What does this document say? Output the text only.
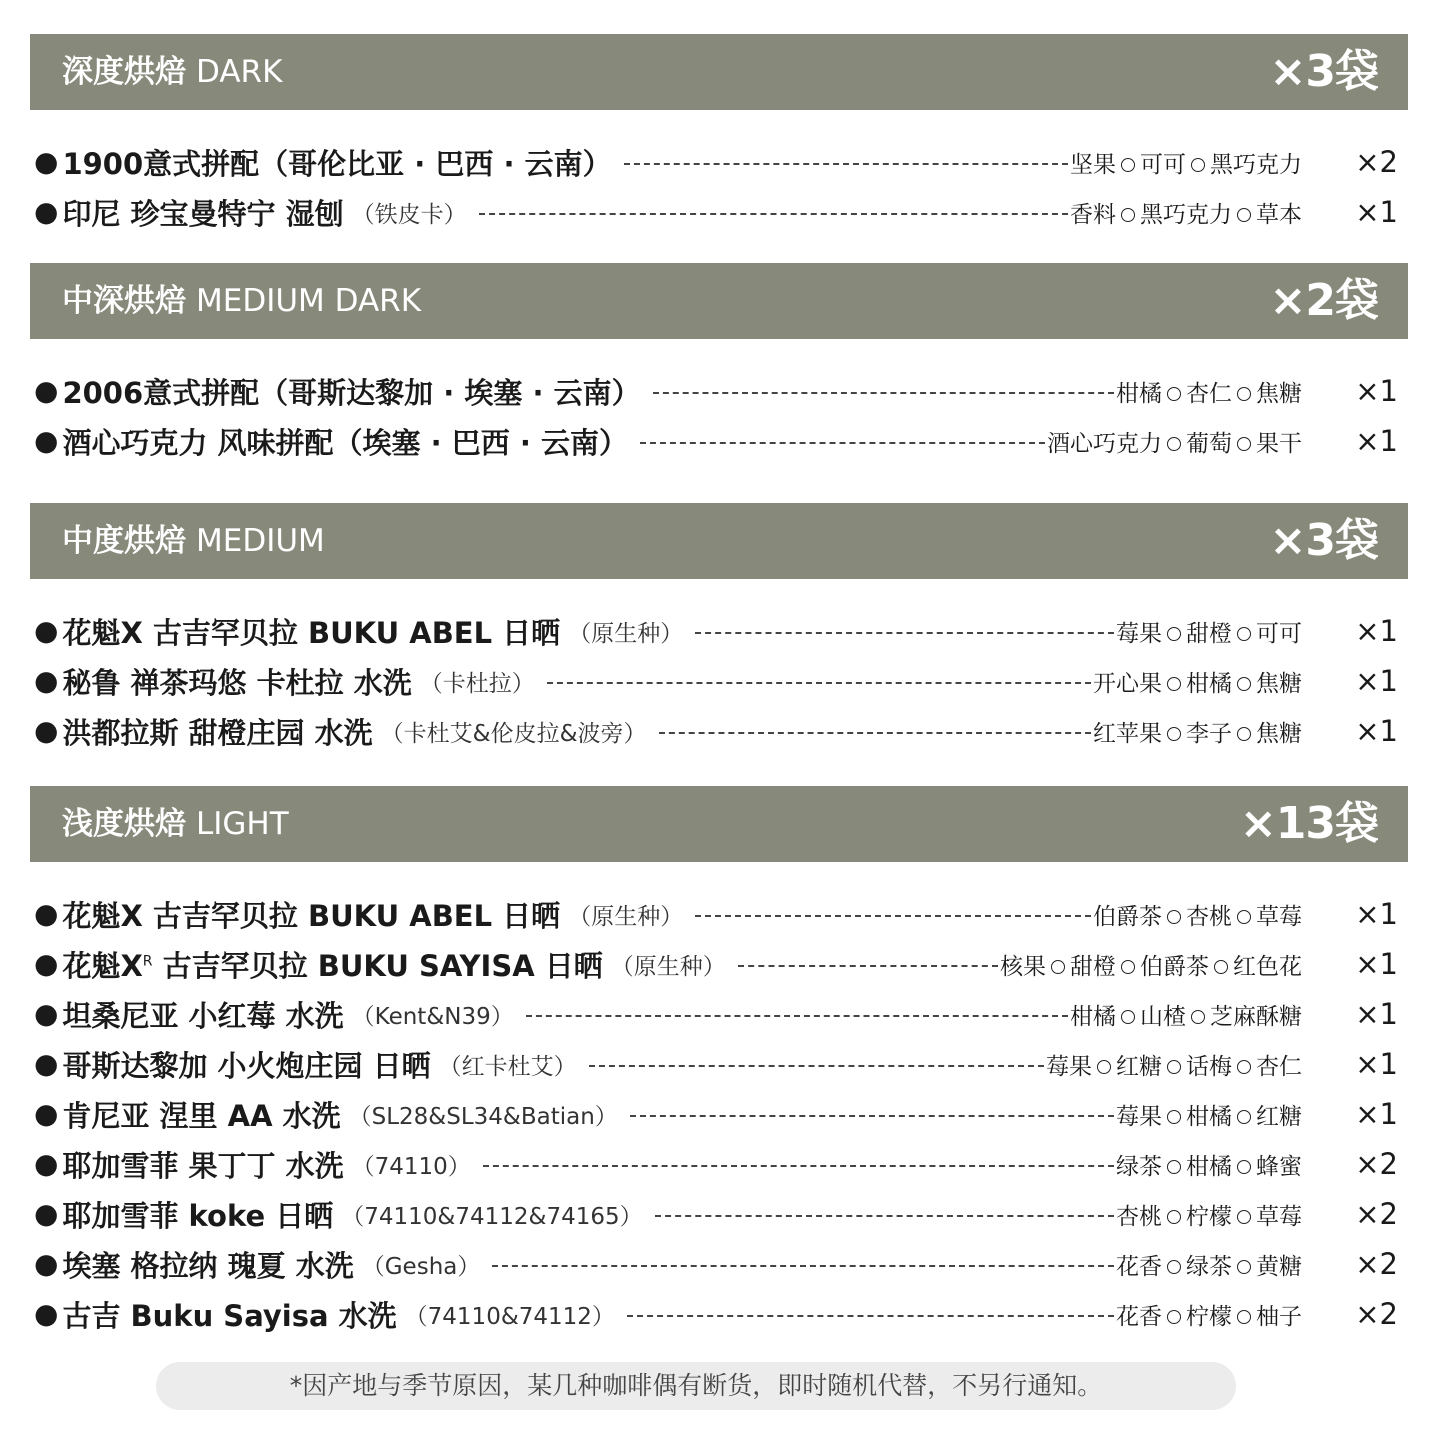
深度烘焙 DARK	×3袋
● 1900意式拼配（哥伦比亚 · 巴西 · 云南）	坚果 可可 黑巧克力	×2
● 印尼 珍宝曼特宁 湿刨 （铁皮卡）	香料 黑巧克力 草本	×1
中深烘焙 MEDIUM DARK	×2袋
● 2006意式拼配（哥斯达黎加 · 埃塞 · 云南）	柑橘 杏仁 焦糖	×1
● 酒心巧克力 风味拼配（埃塞 · 巴西 · 云南）	酒心巧克力 葡萄 果干	×1
中度烘焙 MEDIUM	×3袋
● 花魁X 古吉罕贝拉 BUKU ABEL 日晒 （原生种）	莓果 甜橙 可可	×1
● 秘鲁 禅茶玛悠 卡杜拉 水洗 （卡杜拉）	开心果 柑橘 焦糖	×1
● 洪都拉斯 甜橙庄园 水洗 （卡杜艾&伦皮拉&波旁）	红苹果 李子 焦糖	×1
浅度烘焙 LIGHT	×13袋
● 花魁X 古吉罕贝拉 BUKU ABEL 日晒 （原生种）	伯爵茶 杏桃 草莓	×1
● 花魁$X^R$ 古吉罕贝拉 BUKU SAYISA 日晒 （原生种）	核果 甜橙 伯爵茶 红色花	×1
● 坦桑尼亚 小红莓 水洗 （Kent&N39）	柑橘 山楂 芝麻酥糖	×1
● 哥斯达黎加 小火炮庄园 日晒 （红卡杜艾）	莓果 红糖 话梅 杏仁	×1
● 肯尼亚 涅里 AA 水洗 （SL28&SL34&Batian）	莓果 柑橘 红糖	×1
● 耶加雪菲 果丁丁 水洗 （74110）	绿茶 柑橘 蜂蜜	×2
● 耶加雪菲 koke 日晒 （74110&74112&74165）	杏桃 柠檬 草莓	×2
● 埃塞 格拉纳 瑰夏 水洗 （Gesha）	花香 绿茶 黄糖	×2
● 古吉 Buku Sayisa 水洗 （74110&74112）	花香 柠檬 柚子	×2
*因产地与季节原因，某几种咖啡偶有断货，即时随机代替，不另行通知。
